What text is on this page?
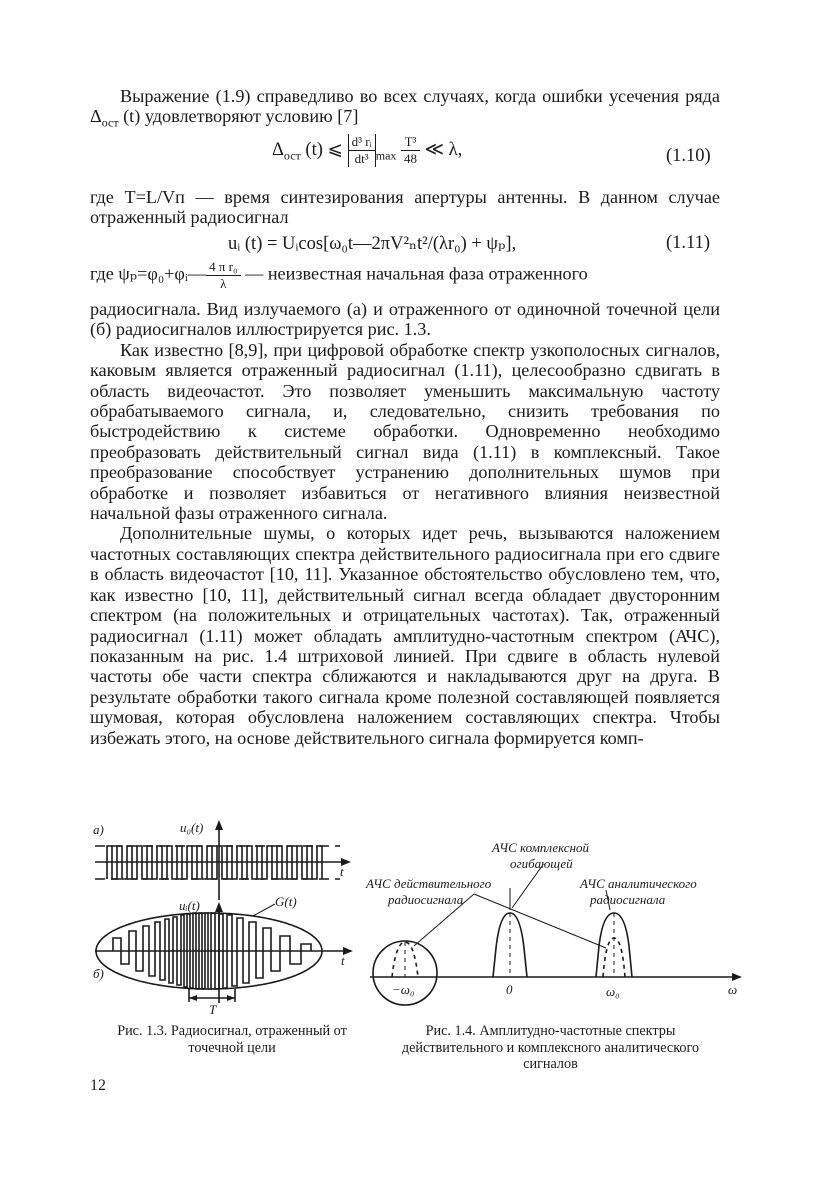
Выражение (1.9) справедливо во всех случаях, когда ошибки усечения ряда $\Delta_{ост}$ (t) удовлетворяют условию [7]

$\Delta_{ост}$ (t) ⩽ $\frac{\text{d³ rᵢ}}{\text{dt³}} _{max} \frac{\text{T³}}{48}$ ≪ λ,	(1.10)

где T=L/Vп — время синтезирования апертуры антенны. В данном случае отраженный радиосигнал

uᵢ (t) = Uᵢcos[ω₀t—2πV²ₙt²/(λr₀) + ψₚ],	(1.11)
где ψₚ=φ₀+φᵢ— $\frac{\text{4 π r₀}}{\lambda}$ — неизвестная начальная фаза отраженного

радиосигнала. Вид излучаемого (а) и отраженного от одиночной точечной цели (б) радиосигналов иллюстрируется рис. 1.3.

Как известно [8,9], при цифровой обработке спектр узкополосных сигналов, каковым является отраженный радиосигнал (1.11), целесообразно сдвигать в область видеочастот. Это позволяет уменьшить максимальную частоту обрабатываемого сигнала, и, следовательно, снизить требования по быстродействию к системе обработки. Одновременно необходимо преобразовать действительный сигнал вида (1.11) в комплексный. Такое преобразование способствует устранению дополнительных шумов при обработке и позволяет избавиться от негативного влияния неизвестной начальной фазы отраженного сигнала.

Дополнительные шумы, о которых идет речь, вызываются наложением частотных составляющих спектра действительного радиосигнала при его сдвиге в область видеочастот [10, 11]. Указанное обстоятельство обусловлено тем, что, как известно [10, 11], действительный сигнал всегда обладает двусторонним спектром (на положительных и отрицательных частотах). Так, отраженный радиосигнал (1.11) может обладать амплитудно-частотным спектром (АЧС), показанным на рис. 1.4 штриховой линией. При сдвиге в область нулевой частоты обе части спектра сближаются и накладываются друг на друга. В результате обработки такого сигнала кроме полезной составляющей появляется шумовая, которая обусловлена наложением составляющих спектра. Чтобы избежать этого, на основе действительного сигнала формируется комп-

а)	u₀(t)
t
uᵢ(t)	G(t)
б)
t
T
АЧС комплексной
огибающей
АЧС действительного
радиосигнала
АЧС аналитического
радиосигнала
−ω₀	0	ω₀	ω
Рис. 1.3. Радиосигнал, отраженный от точечной цели
Рис. 1.4. Амплитудно-частотные спектры действительного и комплексного аналитического сигналов
12
